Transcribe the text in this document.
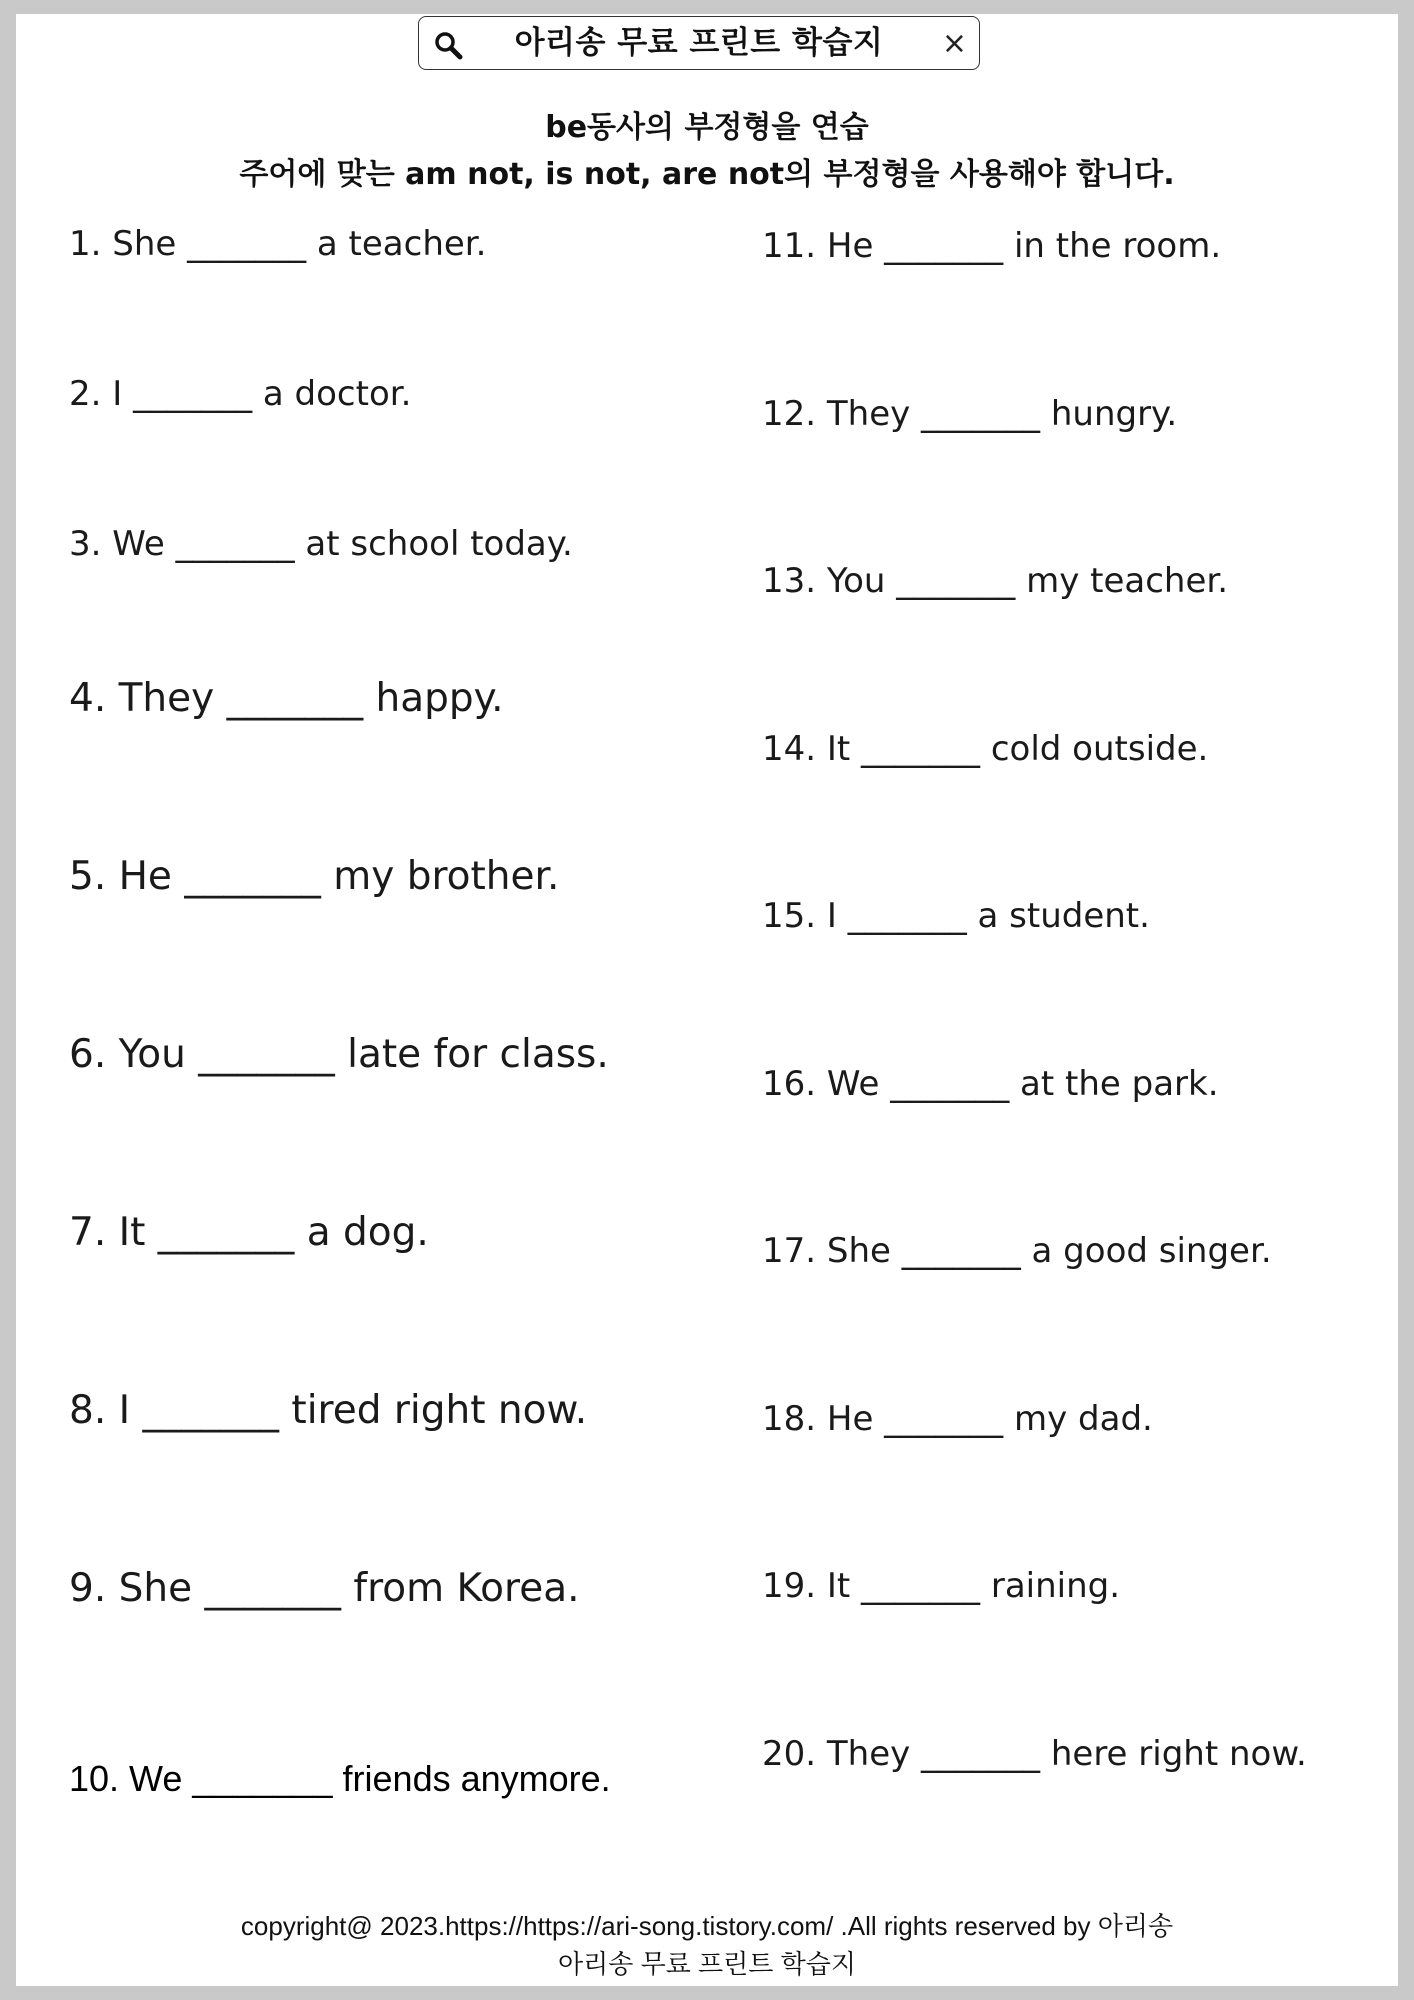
아리송 무료 프린트 학습지	×
be동사의 부정형을 연습
주어에 맞는 am not, is not, are not의 부정형을 사용해야 합니다.
1. She _______ a teacher.
2. I _______ a doctor.
3. We _______ at school today.
4. They _______ happy.
5. He _______ my brother.
6. You _______ late for class.
7. It _______ a dog.
8. I _______ tired right now.
9. She _______ from Korea.
10. We _______ friends anymore.
11. He _______ in the room.
12. They _______ hungry.
13. You _______ my teacher.
14. It _______ cold outside.
15. I _______ a student.
16. We _______ at the park.
17. She _______ a good singer.
18. He _______ my dad.
19. It _______ raining.
20. They _______ here right now.
copyright@ 2023.https://https://ari-song.tistory.com/ .All rights reserved by 아리송
아리송 무료 프린트 학습지
